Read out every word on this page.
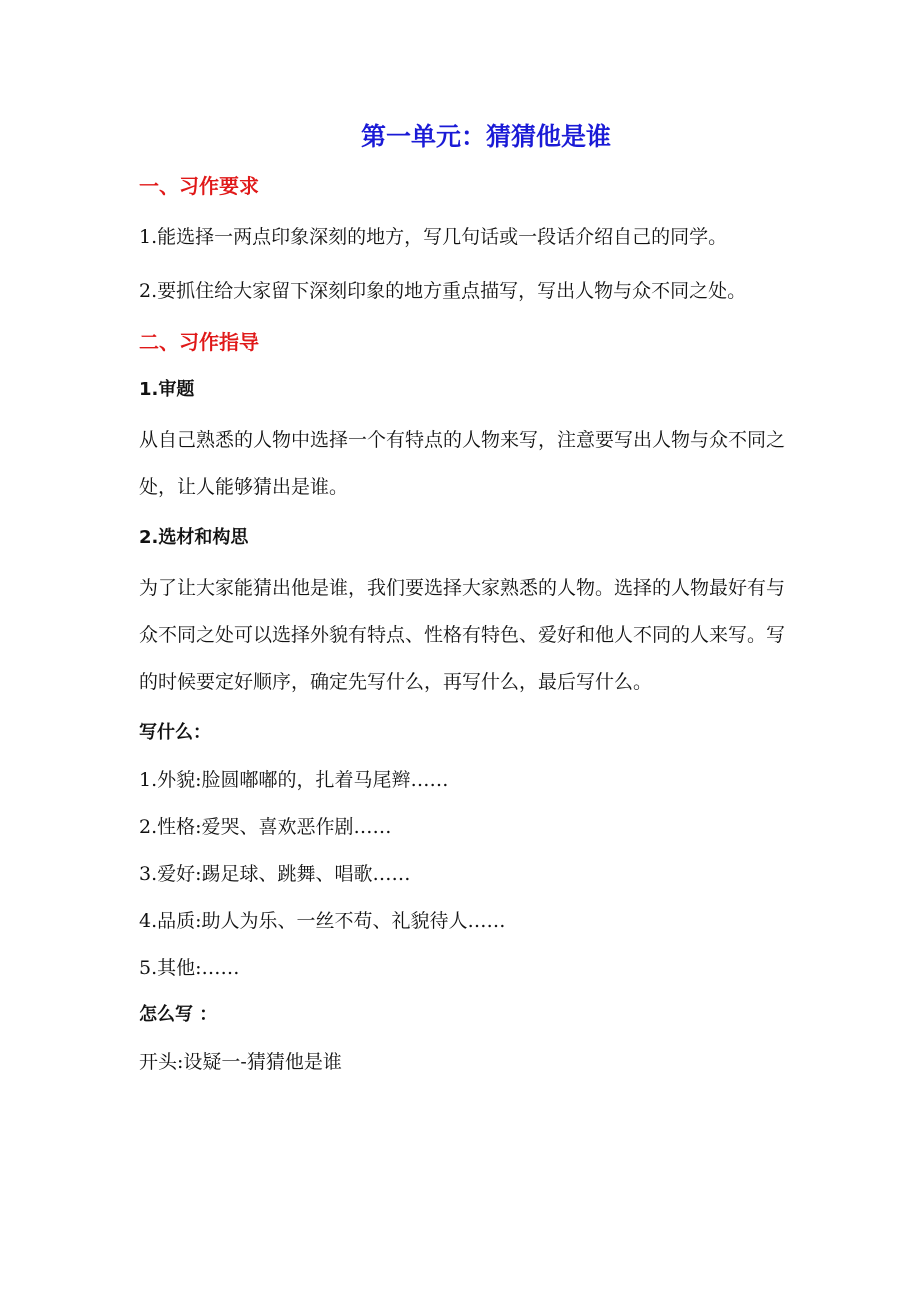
第一单元：猜猜他是谁
一、习作要求
1.能选择一两点印象深刻的地方，写几句话或一段话介绍自己的同学。
2.要抓住给大家留下深刻印象的地方重点描写，写出人物与众不同之处。
二、习作指导
1.审题
从自己熟悉的人物中选择一个有特点的人物来写，注意要写出人物与众不同之处，让人能够猜出是谁。
2.选材和构思
为了让大家能猜出他是谁，我们要选择大家熟悉的人物。选择的人物最好有与众不同之处可以选择外貌有特点、性格有特色、爱好和他人不同的人来写。写的时候要定好顺序，确定先写什么，再写什么，最后写什么。
写什么：
1.外貌:脸圆嘟嘟的，扎着马尾辫……
2.性格:爱哭、喜欢恶作剧……
3.爱好:踢足球、跳舞、唱歌……
4.品质:助人为乐、一丝不苟、礼貌待人……
5.其他:……
怎么写 ：
开头:设疑一-猜猜他是谁
